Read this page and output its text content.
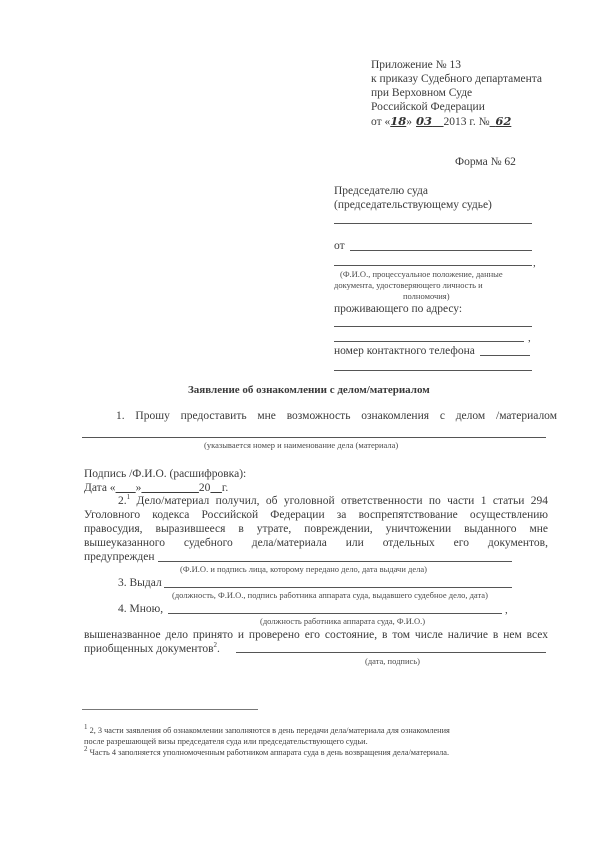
Приложение № 13
к приказу Судебного департамента
при Верховном Суде
Российской Федерации
от «18» 03 2013 г. № 62
Форма № 62
Председателю суда
(председательствующему судье)
от
,
(Ф.И.О., процессуальное положение, данные
документа, удостоверяющего личность и
полномочия)
проживающего по адресу:
,
номер контактного телефона
Заявление об ознакомлении с делом/материалом
1. Прошу предоставить мне возможность ознакомления с делом /материалом
(указывается номер и наименование дела (материала)
Подпись /Ф.И.О. (расшифровка):
Дата « »	20 г.
2.$^1$ Дело/материал получил, об уголовной ответственности по части 1 статьи 294
Уголовного кодекса Российской Федерации за воспрепятствование осуществлению
правосудия, выразившееся в утрате, повреждении, уничтожении выданного мне
вышеуказанного судебного дела/материала или отдельных его документов,
предупрежден
(Ф.И.О. и подпись лица, которому передано дело, дата выдачи дела)
3. Выдал
(должность, Ф.И.О., подпись работника аппарата суда, выдавшего судебное дело, дата)
4. Мною,	,
(должность работника аппарата суда, Ф.И.О.)
вышеназванное дело принято и проверено его состояние, в том числе наличие в нем всех
приобщенных документов$^2$.
(дата, подпись)
$^1$ 2, 3 части заявления об ознакомлении заполняются в день передачи дела/материала для ознакомления
после разрешающей визы председателя суда или председательствующего судьи.
$^2$ Часть 4 заполняется уполномоченным работником аппарата суда в день возвращения дела/материала.
